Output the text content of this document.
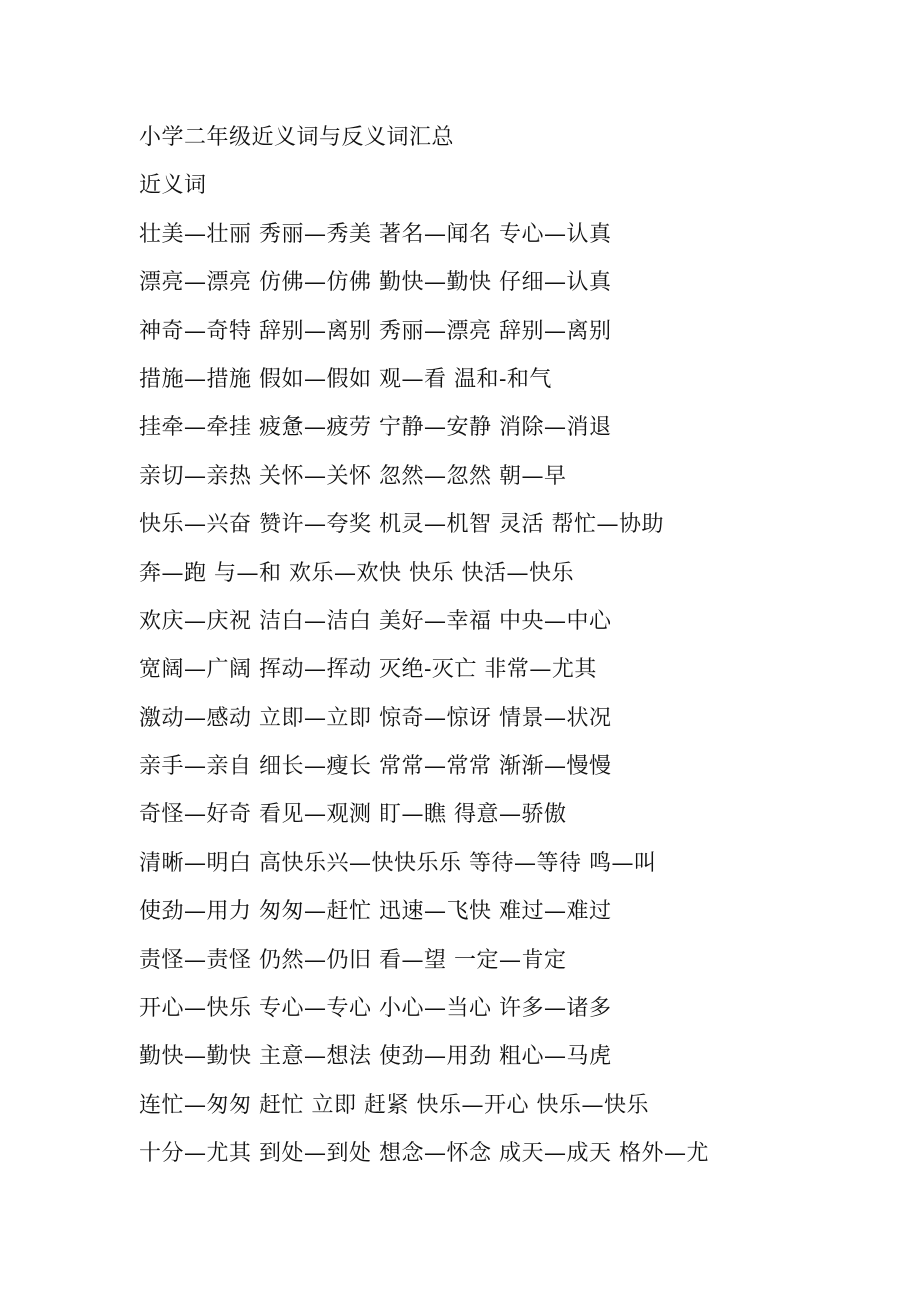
小学二年级近义词与反义词汇总
近义词
壮美—壮丽 秀丽—秀美 著名—闻名 专心—认真
漂亮—漂亮 仿佛—仿佛 勤快—勤快 仔细—认真
神奇—奇特 辞别—离别 秀丽—漂亮 辞别—离别
措施—措施 假如—假如 观—看 温和-和气
挂牵—牵挂 疲惫—疲劳 宁静—安静 消除—消退
亲切—亲热 关怀—关怀 忽然—忽然 朝—早
快乐—兴奋 赞许—夸奖 机灵—机智 灵活 帮忙—协助
奔—跑 与—和 欢乐—欢快 快乐 快活—快乐
欢庆—庆祝 洁白—洁白 美好—幸福 中央—中心
宽阔—广阔 挥动—挥动 灭绝-灭亡 非常—尤其
激动—感动 立即—立即 惊奇—惊讶 情景—状况
亲手—亲自 细长—瘦长 常常—常常 渐渐—慢慢
奇怪—好奇 看见—观测 盯—瞧 得意—骄傲
清晰—明白 高快乐兴—快快乐乐 等待—等待 鸣—叫
使劲—用力 匆匆—赶忙 迅速—飞快 难过—难过
责怪—责怪 仍然—仍旧 看—望 一定—肯定
开心—快乐 专心—专心 小心—当心 许多—诸多
勤快—勤快 主意—想法 使劲—用劲 粗心—马虎
连忙—匆匆 赶忙 立即 赶紧 快乐—开心 快乐—快乐
十分—尤其 到处—到处 想念—怀念 成天—成天 格外—尤
